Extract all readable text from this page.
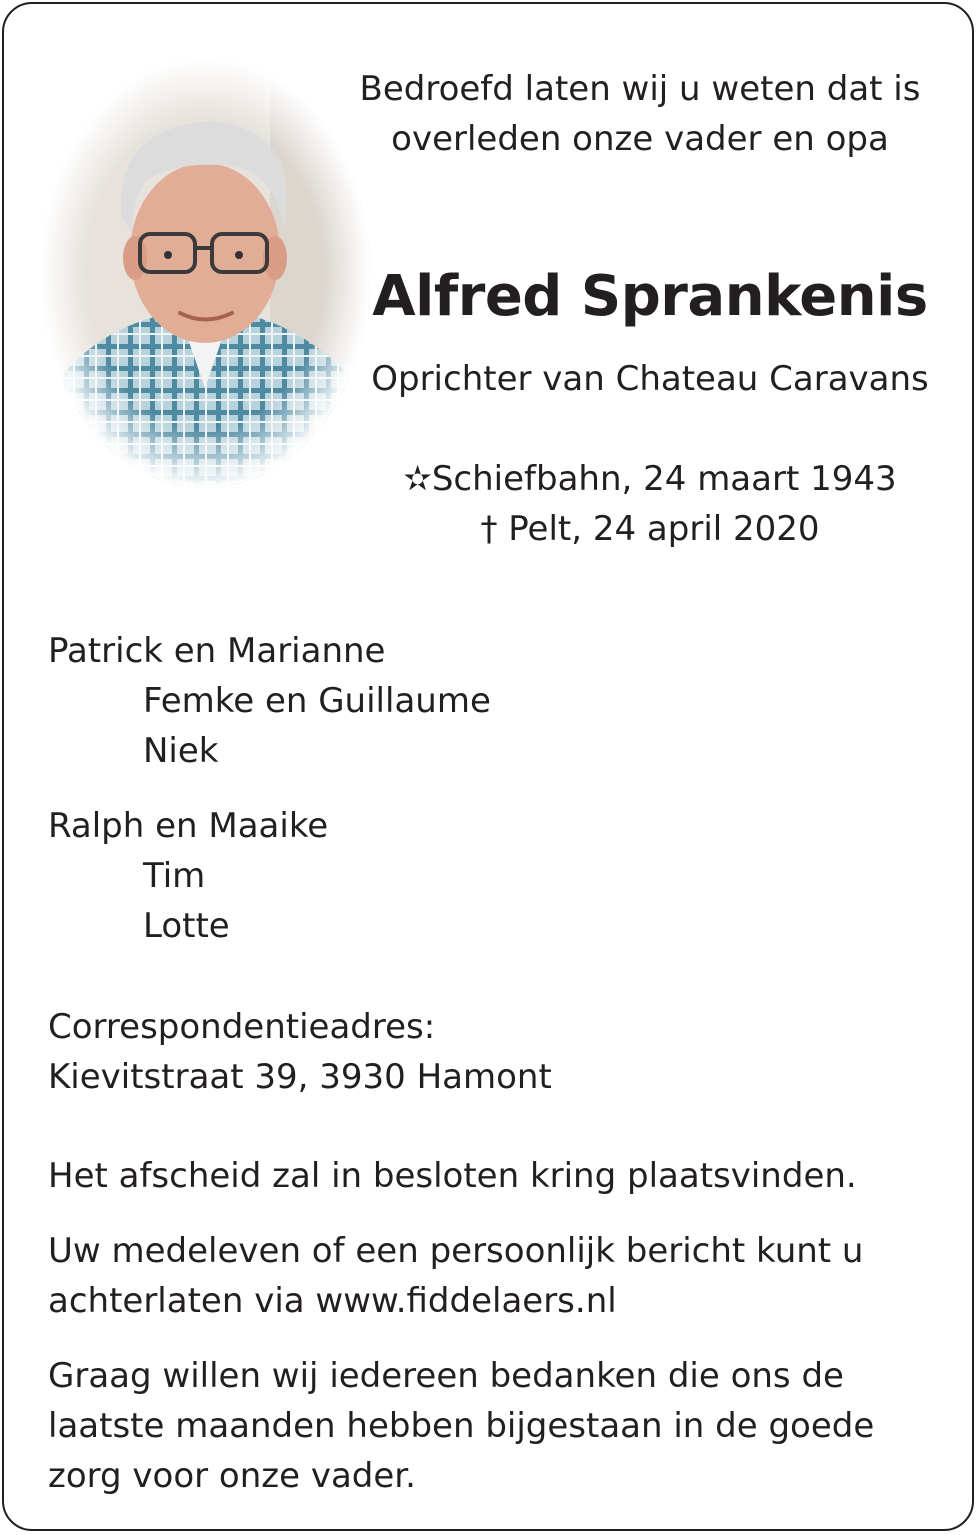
Bedroefd laten wij u weten dat is
overleden onze vader en opa
Alfred Sprankenis
Oprichter van Chateau Caravans
✫Schiefbahn, 24 maart 1943
† Pelt, 24 april 2020
Patrick en Marianne
Femke en Guillaume
Niek
Ralph en Maaike
Tim
Lotte
Correspondentieadres:
Kievitstraat 39, 3930 Hamont
Het afscheid zal in besloten kring plaatsvinden.
Uw medeleven of een persoonlijk bericht kunt u
achterlaten via www.fiddelaers.nl
Graag willen wij iedereen bedanken die ons de
laatste maanden hebben bijgestaan in de goede
zorg voor onze vader.
